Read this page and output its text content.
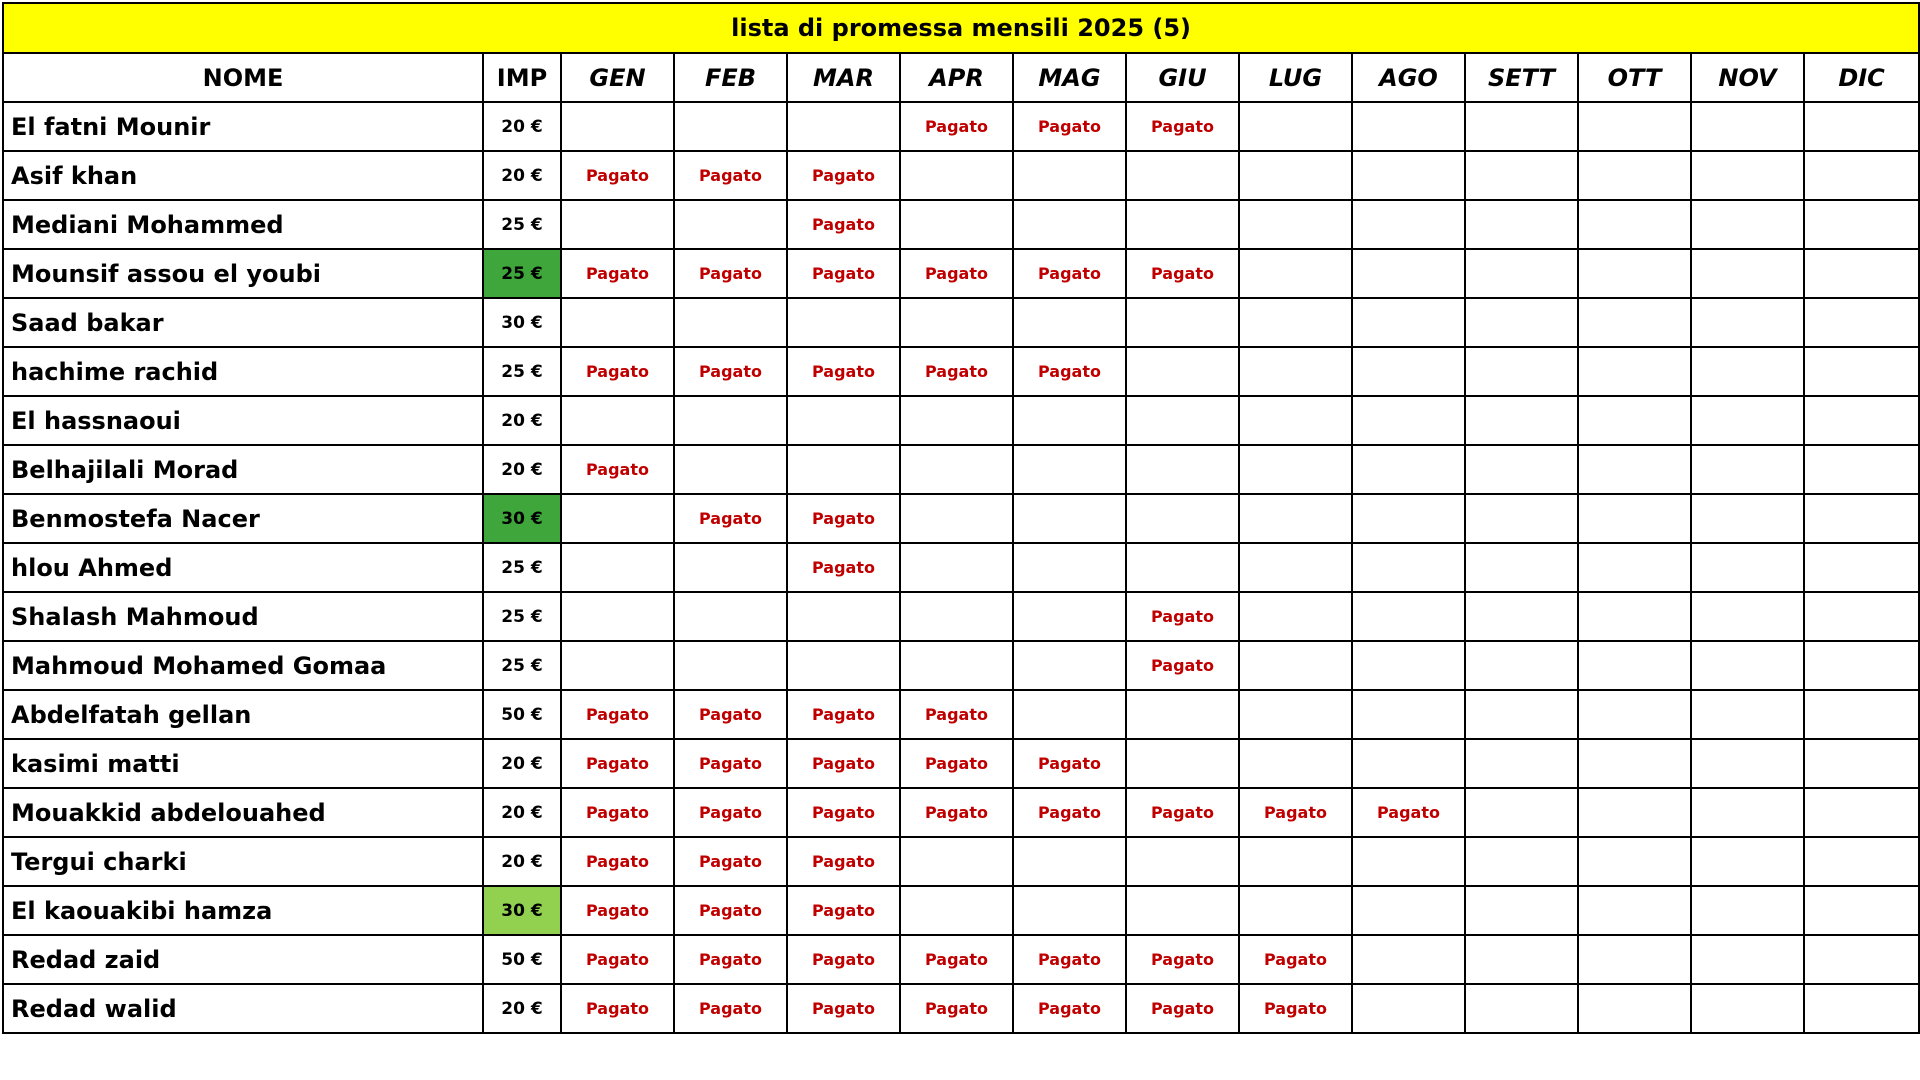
lista di promessa mensili 2025 (5)													
NOME	IMP	GEN	FEB	MAR	APR	MAG	GIU	LUG	AGO	SETT	OTT	NOV	DIC
El fatni Mounir	20 €				Pagato	Pagato	Pagato						
Asif khan	20 €	Pagato	Pagato	Pagato									
Mediani Mohammed	25 €			Pagato									
Mounsif assou el youbi	25 €	Pagato	Pagato	Pagato	Pagato	Pagato	Pagato						
Saad bakar	30 €												
hachime rachid	25 €	Pagato	Pagato	Pagato	Pagato	Pagato							
El hassnaoui	20 €												
Belhajilali Morad	20 €	Pagato											
Benmostefa Nacer	30 €		Pagato	Pagato									
hlou Ahmed	25 €			Pagato									
Shalash Mahmoud	25 €						Pagato						
Mahmoud Mohamed Gomaa	25 €						Pagato						
Abdelfatah gellan	50 €	Pagato	Pagato	Pagato	Pagato								
kasimi matti	20 €	Pagato	Pagato	Pagato	Pagato	Pagato							
Mouakkid abdelouahed	20 €	Pagato	Pagato	Pagato	Pagato	Pagato	Pagato	Pagato	Pagato				
Tergui charki	20 €	Pagato	Pagato	Pagato									
El kaouakibi hamza	30 €	Pagato	Pagato	Pagato									
Redad zaid	50 €	Pagato	Pagato	Pagato	Pagato	Pagato	Pagato	Pagato					
Redad walid	20 €	Pagato	Pagato	Pagato	Pagato	Pagato	Pagato	Pagato					
